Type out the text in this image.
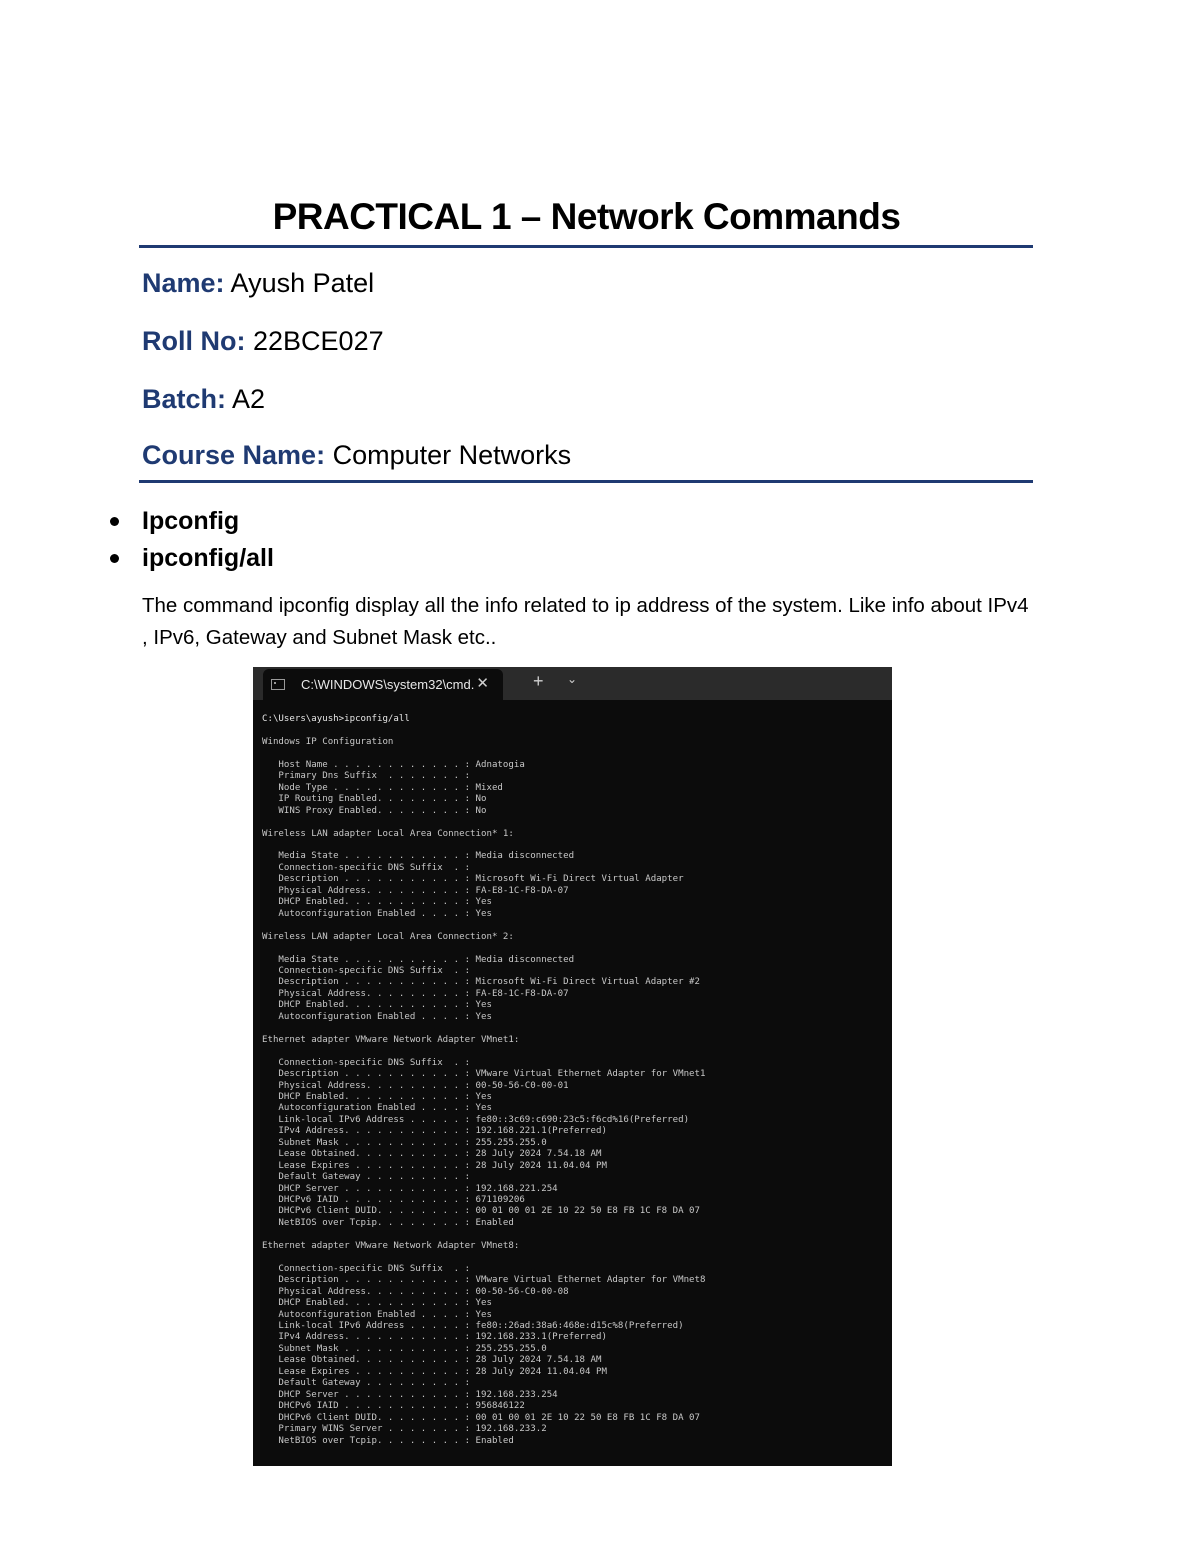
PRACTICAL 1 – Network Commands

Name: Ayush Patel

Roll No: 22BCE027

Batch: A2

Course Name: Computer Networks

Ipconfig
ipconfig/all

The command ipconfig display all the info related to ip address of the system. Like info about IPv4 , IPv6, Gateway and Subnet Mask etc..

C:\WINDOWS\system32\cmd. ✕ + ⌄
C:\Users\ayush>ipconfig/all

Windows IP Configuration

Host Name . . . . . . . . . . . . : Adnatogia
Primary Dns Suffix  . . . . . . . :
Node Type . . . . . . . . . . . . : Mixed
IP Routing Enabled. . . . . . . . : No
WINS Proxy Enabled. . . . . . . . : No

Wireless LAN adapter Local Area Connection* 1:

Media State . . . . . . . . . . . : Media disconnected
Connection-specific DNS Suffix  . :
Description . . . . . . . . . . . : Microsoft Wi-Fi Direct Virtual Adapter
Physical Address. . . . . . . . . : FA-E8-1C-F8-DA-07
DHCP Enabled. . . . . . . . . . . : Yes
Autoconfiguration Enabled . . . . : Yes

Wireless LAN adapter Local Area Connection* 2:

Media State . . . . . . . . . . . : Media disconnected
Connection-specific DNS Suffix  . :
Description . . . . . . . . . . . : Microsoft Wi-Fi Direct Virtual Adapter #2
Physical Address. . . . . . . . . : FA-E8-1C-F8-DA-07
DHCP Enabled. . . . . . . . . . . : Yes
Autoconfiguration Enabled . . . . : Yes

Ethernet adapter VMware Network Adapter VMnet1:

Connection-specific DNS Suffix  . :
Description . . . . . . . . . . . : VMware Virtual Ethernet Adapter for VMnet1
Physical Address. . . . . . . . . : 00-50-56-C0-00-01
DHCP Enabled. . . . . . . . . . . : Yes
Autoconfiguration Enabled . . . . : Yes
Link-local IPv6 Address . . . . . : fe80::3c69:c690:23c5:f6cd%16(Preferred)
IPv4 Address. . . . . . . . . . . : 192.168.221.1(Preferred)
Subnet Mask . . . . . . . . . . . : 255.255.255.0
Lease Obtained. . . . . . . . . . : 28 July 2024 7.54.18 AM
Lease Expires . . . . . . . . . . : 28 July 2024 11.04.04 PM
Default Gateway . . . . . . . . . :
DHCP Server . . . . . . . . . . . : 192.168.221.254
DHCPv6 IAID . . . . . . . . . . . : 671109206
DHCPv6 Client DUID. . . . . . . . : 00 01 00 01 2E 10 22 50 E8 FB 1C F8 DA 07
NetBIOS over Tcpip. . . . . . . . : Enabled

Ethernet adapter VMware Network Adapter VMnet8:

Connection-specific DNS Suffix  . :
Description . . . . . . . . . . . : VMware Virtual Ethernet Adapter for VMnet8
Physical Address. . . . . . . . . : 00-50-56-C0-00-08
DHCP Enabled. . . . . . . . . . . : Yes
Autoconfiguration Enabled . . . . : Yes
Link-local IPv6 Address . . . . . : fe80::26ad:38a6:468e:d15c%8(Preferred)
IPv4 Address. . . . . . . . . . . : 192.168.233.1(Preferred)
Subnet Mask . . . . . . . . . . . : 255.255.255.0
Lease Obtained. . . . . . . . . . : 28 July 2024 7.54.18 AM
Lease Expires . . . . . . . . . . : 28 July 2024 11.04.04 PM
Default Gateway . . . . . . . . . :
DHCP Server . . . . . . . . . . . : 192.168.233.254
DHCPv6 IAID . . . . . . . . . . . : 956846122
DHCPv6 Client DUID. . . . . . . . : 00 01 00 01 2E 10 22 50 E8 FB 1C F8 DA 07
Primary WINS Server . . . . . . . : 192.168.233.2
NetBIOS over Tcpip. . . . . . . . : Enabled
